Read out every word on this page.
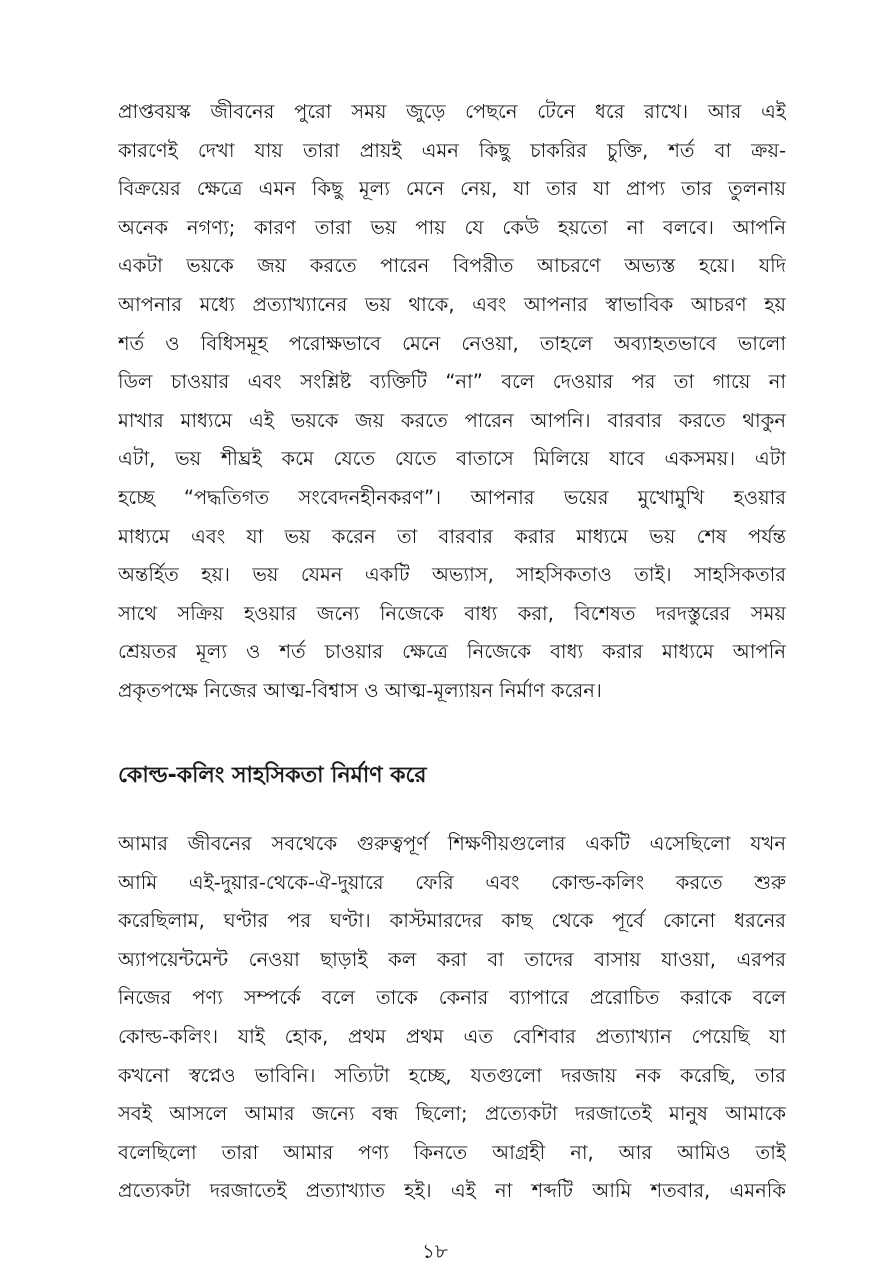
প্রাপ্তবয়স্ক জীবনের পুরো সময় জুড়ে পেছনে টেনে ধরে রাখে। আর এই
কারণেই দেখা যায় তারা প্রায়ই এমন কিছু চাকরির চুক্তি, শর্ত বা ক্রয়-
বিক্রয়ের ক্ষেত্রে এমন কিছু মূল্য মেনে নেয়, যা তার যা প্রাপ্য তার তুলনায়
অনেক নগণ্য; কারণ তারা ভয় পায় যে কেউ হয়তো না বলবে। আপনি
একটা ভয়কে জয় করতে পারেন বিপরীত আচরণে অভ্যস্ত হয়ে। যদি
আপনার মধ্যে প্রত্যাখ্যানের ভয় থাকে, এবং আপনার স্বাভাবিক আচরণ হয়
শর্ত ও বিধিসমূহ পরোক্ষভাবে মেনে নেওয়া, তাহলে অব্যাহতভাবে ভালো
ডিল চাওয়ার এবং সংশ্লিষ্ট ব্যক্তিটি “না” বলে দেওয়ার পর তা গায়ে না
মাখার মাধ্যমে এই ভয়কে জয় করতে পারেন আপনি। বারবার করতে থাকুন
এটা, ভয় শীঘ্রই কমে যেতে যেতে বাতাসে মিলিয়ে যাবে একসময়। এটা
হচ্ছে “পদ্ধতিগত সংবেদনহীনকরণ”। আপনার ভয়ের মুখোমুখি হওয়ার
মাধ্যমে এবং যা ভয় করেন তা বারবার করার মাধ্যমে ভয় শেষ পর্যন্ত
অন্তর্হিত হয়। ভয় যেমন একটি অভ্যাস, সাহসিকতাও তাই। সাহসিকতার
সাথে সক্রিয় হওয়ার জন্যে নিজেকে বাধ্য করা, বিশেষত দরদস্তুরের সময়
শ্রেয়তর মূল্য ও শর্ত চাওয়ার ক্ষেত্রে নিজেকে বাধ্য করার মাধ্যমে আপনি
প্রকৃতপক্ষে নিজের আত্ম-বিশ্বাস ও আত্ম-মূল্যায়ন নির্মাণ করেন।
কোল্ড-কলিং সাহসিকতা নির্মাণ করে
আমার জীবনের সবথেকে গুরুত্বপূর্ণ শিক্ষণীয়গুলোর একটি এসেছিলো যখন
আমি এই-দুয়ার-থেকে-ঐ-দুয়ারে ফেরি এবং কোল্ড-কলিং করতে শুরু
করেছিলাম, ঘণ্টার পর ঘণ্টা। কাস্টমারদের কাছ থেকে পূর্বে কোনো ধরনের
অ্যাপয়েন্টমেন্ট নেওয়া ছাড়াই কল করা বা তাদের বাসায় যাওয়া, এরপর
নিজের পণ্য সম্পর্কে বলে তাকে কেনার ব্যাপারে প্ররোচিত করাকে বলে
কোল্ড-কলিং। যাই হোক, প্রথম প্রথম এত বেশিবার প্রত্যাখ্যান পেয়েছি যা
কখনো স্বপ্নেও ভাবিনি। সত্যিটা হচ্ছে, যতগুলো দরজায় নক করেছি, তার
সবই আসলে আমার জন্যে বন্ধ ছিলো; প্রত্যেকটা দরজাতেই মানুষ আমাকে
বলেছিলো তারা আমার পণ্য কিনতে আগ্রহী না, আর আমিও তাই
প্রত্যেকটা দরজাতেই প্রত্যাখ্যাত হই। এই না শব্দটি আমি শতবার, এমনকি
১৮
